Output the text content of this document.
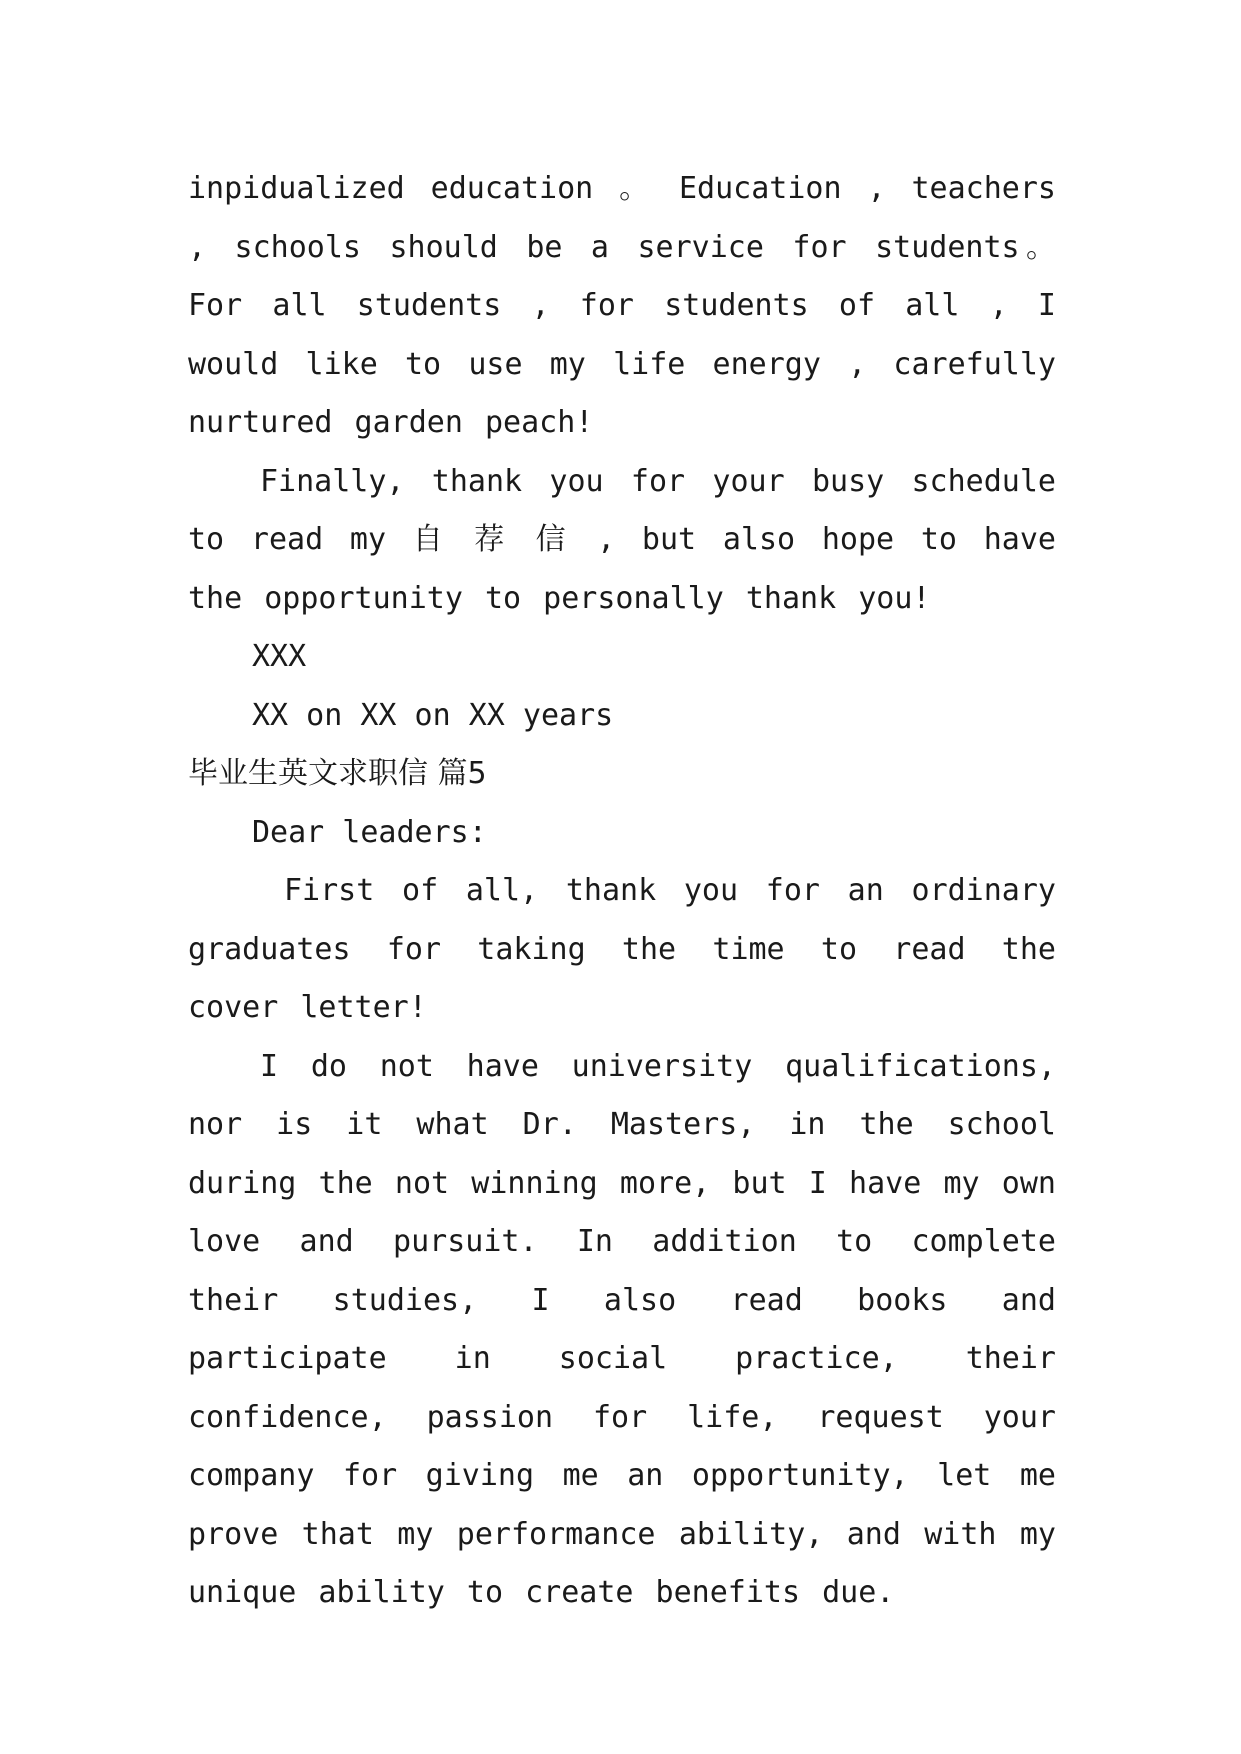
inpidualized education 。 Education , teachers , schools should be a service for students。 For all students , for students of all , I would like to use my life energy , carefully nurtured garden peach!

Finally, thank you for your busy schedule to read my 自 荐 信 , but also hope to have the opportunity to personally thank you!

XXX

XX on XX on XX years

毕业生英文求职信 篇5

Dear leaders:

First of all, thank you for an ordinary graduates for taking the time to read the cover letter!

I do not have university qualifications, nor is it what Dr. Masters, in the school during the not winning more, but I have my own love and pursuit. In addition to complete their studies, I also read books and participate in social practice, their confidence, passion for life, request your company for giving me an opportunity, let me prove that my performance ability, and with my unique ability to create benefits due.
